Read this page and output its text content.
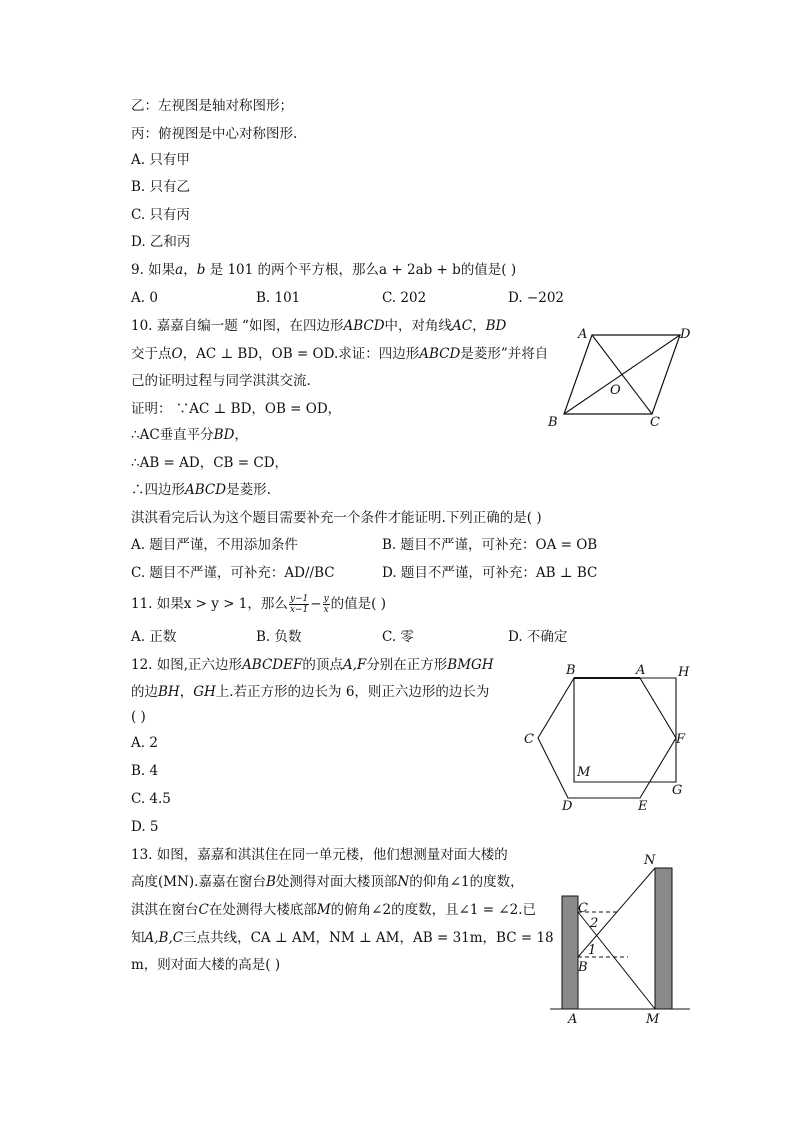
乙：左视图是轴对称图形；
丙：俯视图是中心对称图形.
A. 只有甲
B. 只有乙
C. 只有丙
D. 乙和丙
9. 如果a，b 是 101 的两个平方根，那么a + 2ab + b的值是( )
A. 0	B. 101	C. 202	D. −202
10. 嘉嘉自编一题 “如图，在四边形ABCD中，对角线AC，BD
交于点O，AC ⊥ BD，OB = OD.求证：四边形ABCD是菱形”并将自
己的证明过程与同学淇淇交流.
证明： ∵AC ⊥ BD，OB = OD，
∴AC垂直平分BD，
∴AB = AD，CB = CD，
∴四边形ABCD是菱形.
淇淇看完后认为这个题目需要补充一个条件才能证明.下列正确的是( )
A. 题目严谨，不用添加条件	B. 题目不严谨，可补充：OA = OB
C. 题目不严谨，可补充：AD//BC	D. 题目不严谨，可补充：AB ⊥ BC
A	D
O
B	C
11. 如果x > y > 1，那么 $\frac{y-1}{x-1} - \frac{y}{x}$ 的值是( )
A. 正数	B. 负数	C. 零	D. 不确定
12. 如图,正六边形ABCDEF的顶点A,F分别在正方形BMGH
的边BH，GH上.若正方形的边长为 6，则正六边形的边长为
( )
A. 2
B. 4
C. 4.5
D. 5
B	A	H
C	F
M
G
D	E
13. 如图，嘉嘉和淇淇住在同一单元楼，他们想测量对面大楼的
高度(MN).嘉嘉在窗台B处测得对面大楼顶部N的仰角∠1的度数，
淇淇在窗台C在处测得大楼底部M的俯角∠2的度数，且∠1 = ∠2.已
知A,B,C三点共线，CA ⊥ AM，NM ⊥ AM，AB = 31m，BC = 18
m，则对面大楼的高是( )
N
C
2
1
B
A	M
